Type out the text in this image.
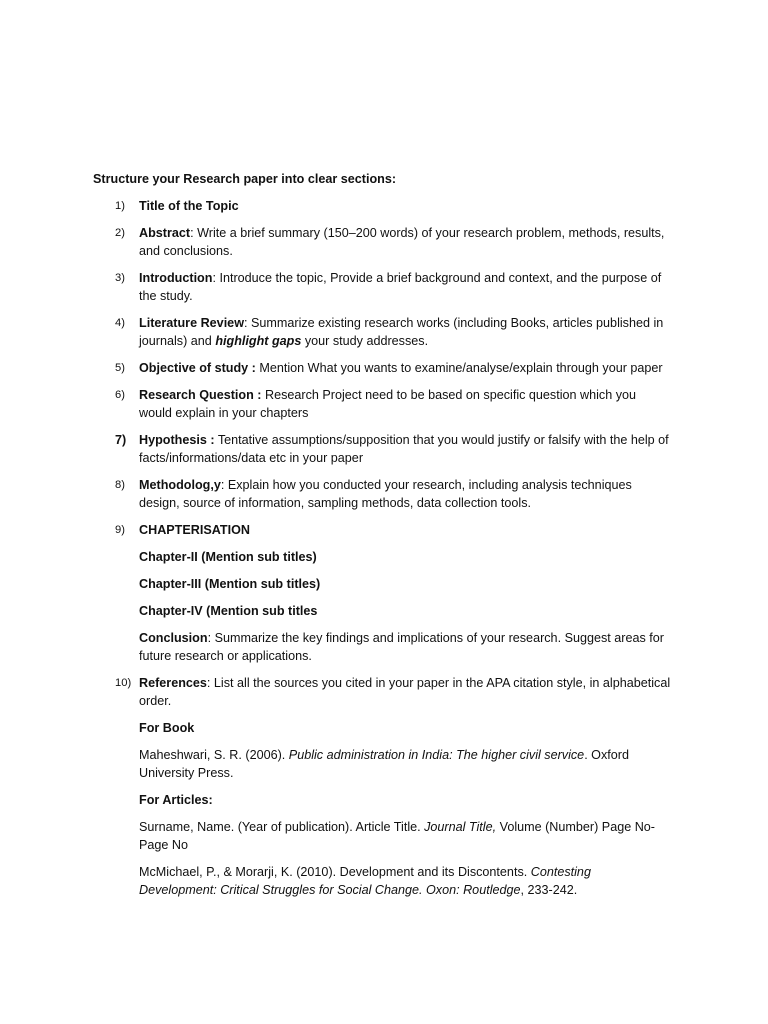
Structure your Research paper into clear sections:
1) Title of the Topic
2) Abstract: Write a brief summary (150–200 words) of your research problem, methods, results, and conclusions.
3) Introduction: Introduce the topic, Provide a brief background and context, and the purpose of the study.
4) Literature Review: Summarize existing research works (including Books, articles published in journals) and highlight gaps your study addresses.
5) Objective of study : Mention What you wants to examine/analyse/explain through your paper
6) Research Question : Research Project need to be based on specific question which you would explain in your chapters
7) Hypothesis : Tentative assumptions/supposition that you would justify or falsify with the help of facts/informations/data etc in your paper
8) Methodolog,y: Explain how you conducted your research, including analysis techniques design, source of information, sampling methods, data collection tools.
9) CHAPTERISATION
Chapter-II (Mention sub titles)
Chapter-III (Mention sub titles)
Chapter-IV (Mention sub titles
Conclusion: Summarize the key findings and implications of your research. Suggest areas for future research or applications.
10) References: List all the sources you cited in your paper in the APA citation style, in alphabetical order.
For Book
Maheshwari, S. R. (2006). Public administration in India: The higher civil service. Oxford University Press.
For Articles:
Surname, Name. (Year of publication). Article Title. Journal Title, Volume (Number) Page No-Page No
McMichael, P., & Morarji, K. (2010). Development and its Discontents. Contesting Development: Critical Struggles for Social Change. Oxon: Routledge, 233-242.
